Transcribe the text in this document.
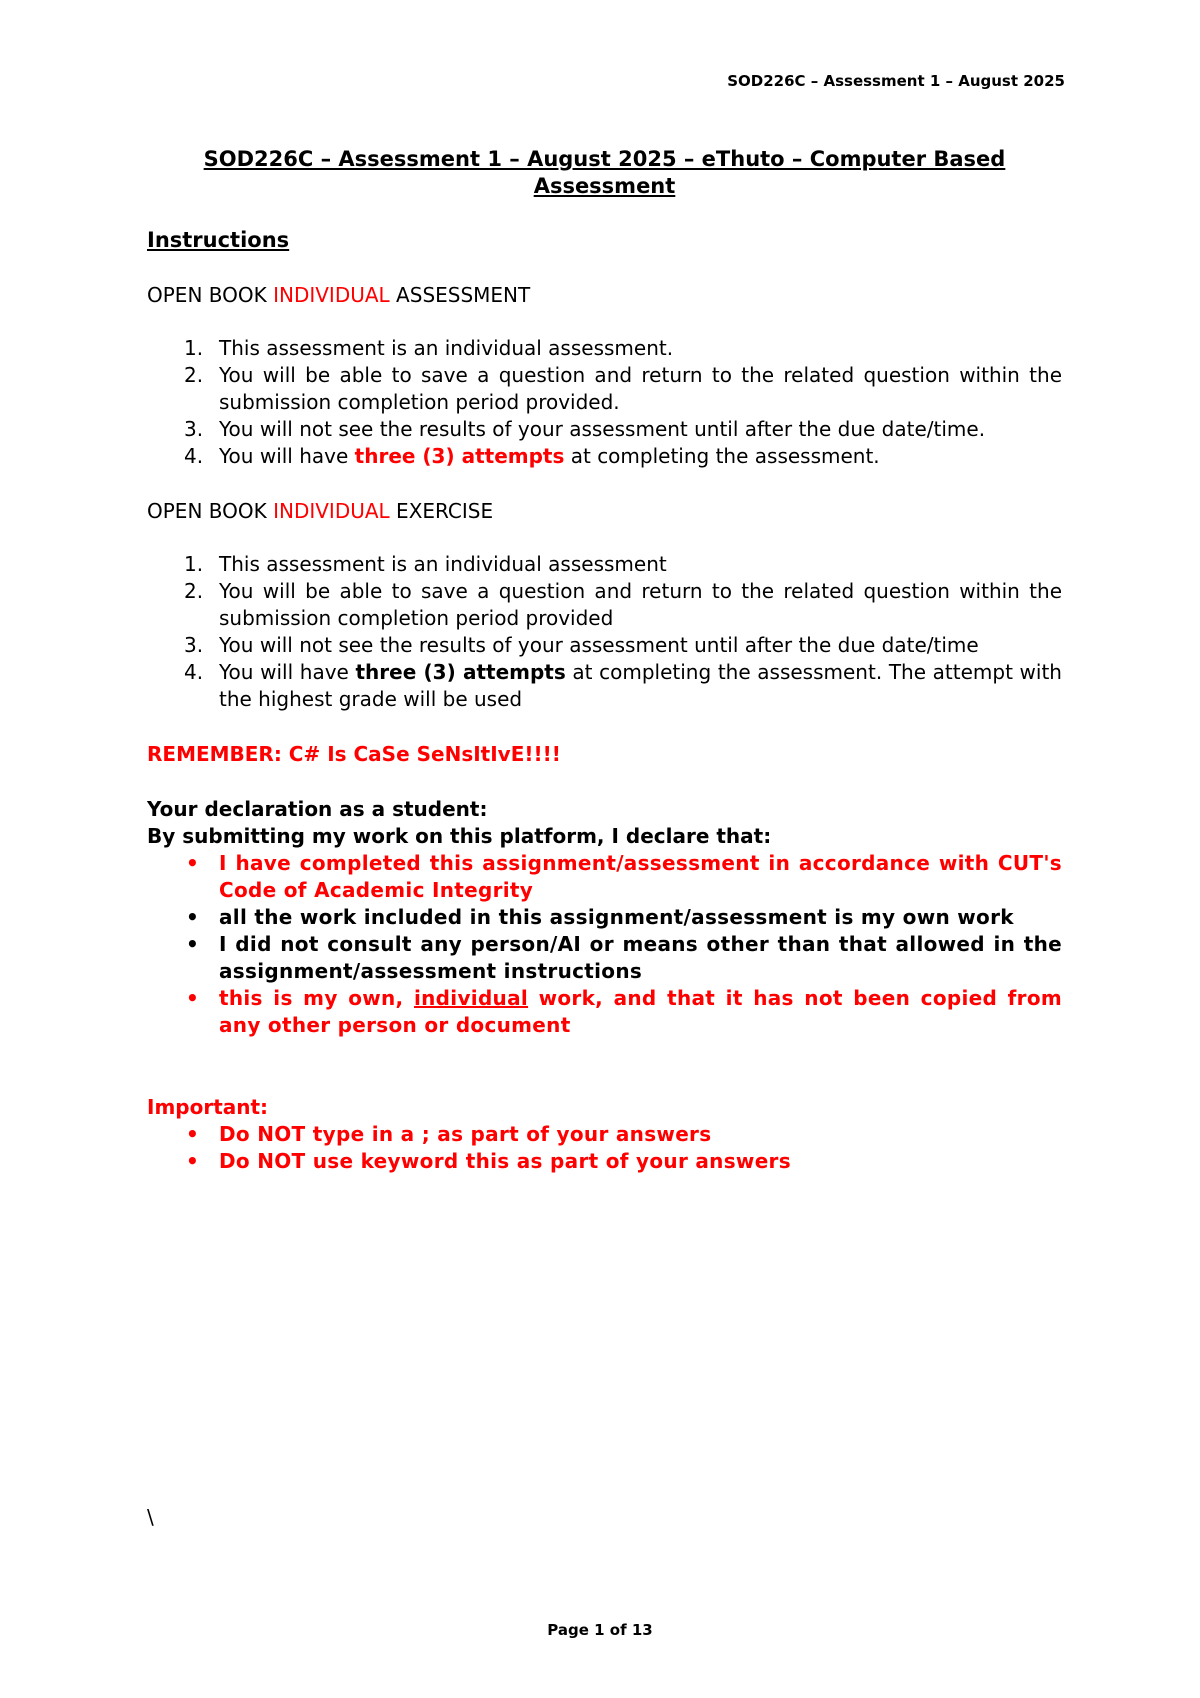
SOD226C – Assessment 1 – August 2025

SOD226C – Assessment 1 – August 2025 – eThuto – Computer Based Assessment

Instructions

OPEN BOOK INDIVIDUAL ASSESSMENT

1. This assessment is an individual assessment.
2. You will be able to save a question and return to the related question within the submission completion period provided.
3. You will not see the results of your assessment until after the due date/time.
4. You will have three (3) attempts at completing the assessment.

OPEN BOOK INDIVIDUAL EXERCISE

1. This assessment is an individual assessment
2. You will be able to save a question and return to the related question within the submission completion period provided
3. You will not see the results of your assessment until after the due date/time
4. You will have three (3) attempts at completing the assessment. The attempt with the highest grade will be used

REMEMBER: C# Is CaSe SeNsItIvE!!!!

Your declaration as a student:

By submitting my work on this platform, I declare that:

• I have completed this assignment/assessment in accordance with CUT's Code of Academic Integrity
• all the work included in this assignment/assessment is my own work
• I did not consult any person/AI or means other than that allowed in the assignment/assessment instructions
• this is my own, individual work, and that it has not been copied from any other person or document

Important:

• Do NOT type in a ; as part of your answers
• Do NOT use keyword this as part of your answers
\
Page 1 of 13
